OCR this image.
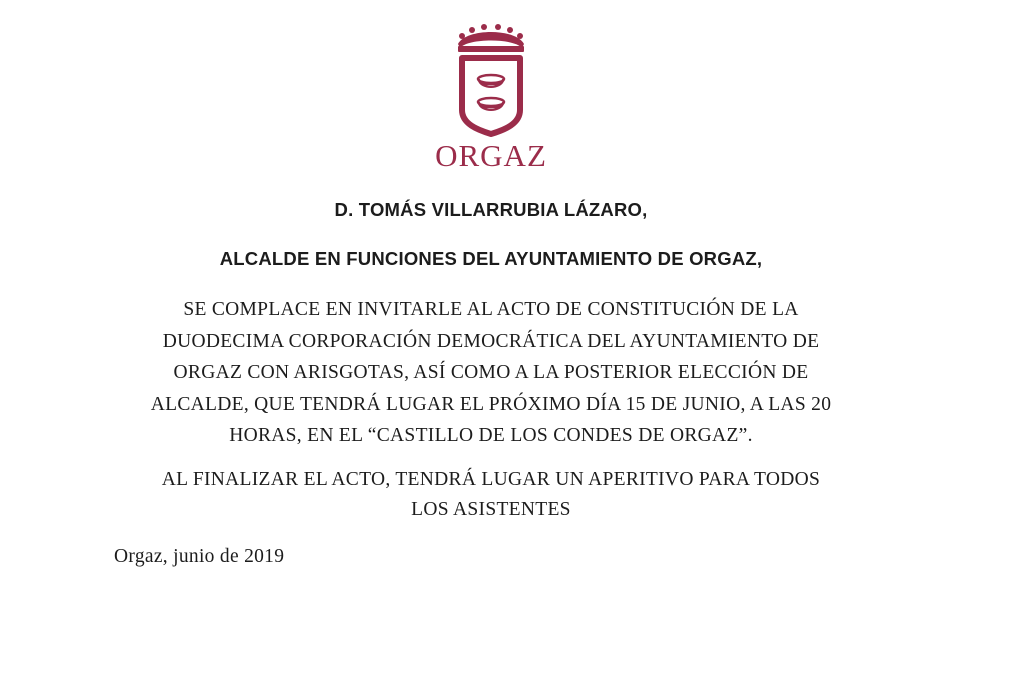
ORGAZ
D. TOMÁS VILLARRUBIA LÁZARO,
ALCALDE EN FUNCIONES DEL AYUNTAMIENTO DE ORGAZ,
SE COMPLACE EN INVITARLE AL ACTO DE CONSTITUCIÓN DE LA
DUODECIMA CORPORACIÓN DEMOCRÁTICA DEL AYUNTAMIENTO DE
ORGAZ CON ARISGOTAS, ASÍ COMO A LA POSTERIOR ELECCIÓN DE
ALCALDE, QUE TENDRÁ LUGAR EL PRÓXIMO DÍA 15 DE JUNIO, A LAS 20
HORAS, EN EL “CASTILLO DE LOS CONDES DE ORGAZ”.
AL FINALIZAR EL ACTO, TENDRÁ LUGAR UN APERITIVO PARA TODOS
LOS ASISTENTES
Orgaz, junio de 2019
